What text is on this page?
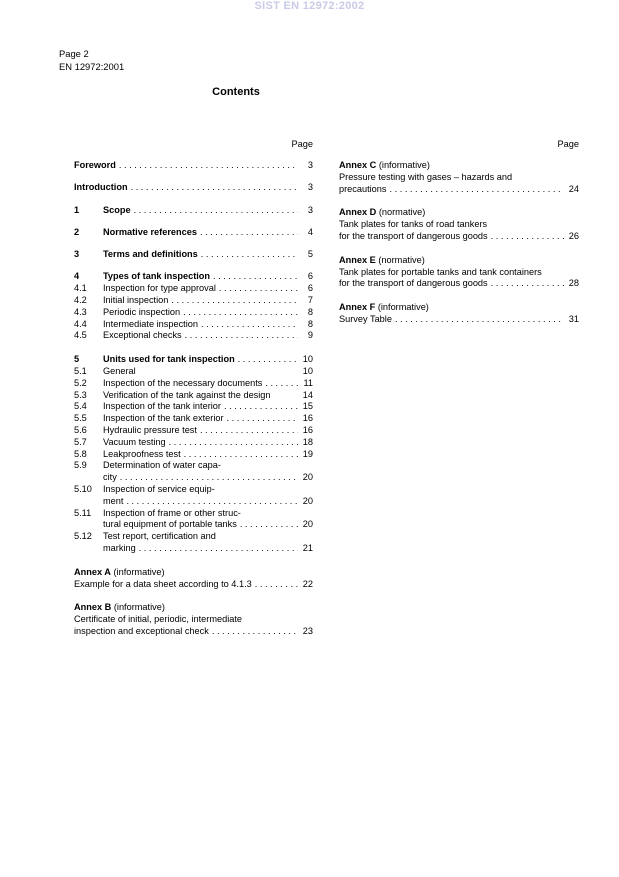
SIST EN 12972:2002
Page 2
EN 12972:2001
Contents
Page
Foreword . . .	3
Introduction . . .	3
1	Scope . . .	3
2	Normative references . . .	4
3	Terms and definitions . . .	5
4	Types of tank inspection . . .	6
4.1	Inspection for type approval . . .	6
4.2	Initial inspection . . .	7
4.3	Periodic inspection . . .	8
4.4	Intermediate inspection . . .	8
4.5	Exceptional checks . . .	9
5	Units used for tank inspection . . .	10
5.1	General	10
5.2	Inspection of the necessary documents . . .	11
5.3	Verification of the tank against the design	14
5.4	Inspection of the tank interior . . .	15
5.5	Inspection of the tank exterior . . .	16
5.6	Hydraulic pressure test . . .	16
5.7	Vacuum testing . . .	18
5.8	Leakproofness test . . .	19
5.9	Determination of water capa-
city . . .	20
5.10	Inspection of service equip-
ment . . .	20
5.11	Inspection of frame or other struc-
tural equipment of portable tanks . . .	20
5.12	Test report, certification and
marking . . .	21
Annex A (informative)
Example for a data sheet according to 4.1.3 . . .	22
Annex B (informative)
Certificate of initial, periodic, intermediate
inspection and exceptional check . . .	23
Page
Annex C (informative)
Pressure testing with gases – hazards and
precautions . . .	24
Annex D (normative)
Tank plates for tanks of road tankers
for the transport of dangerous goods . . .	26
Annex E (normative)
Tank plates for portable tanks and tank containers
for the transport of dangerous goods . . .	28
Annex F (informative)
Survey Table . . .	31
